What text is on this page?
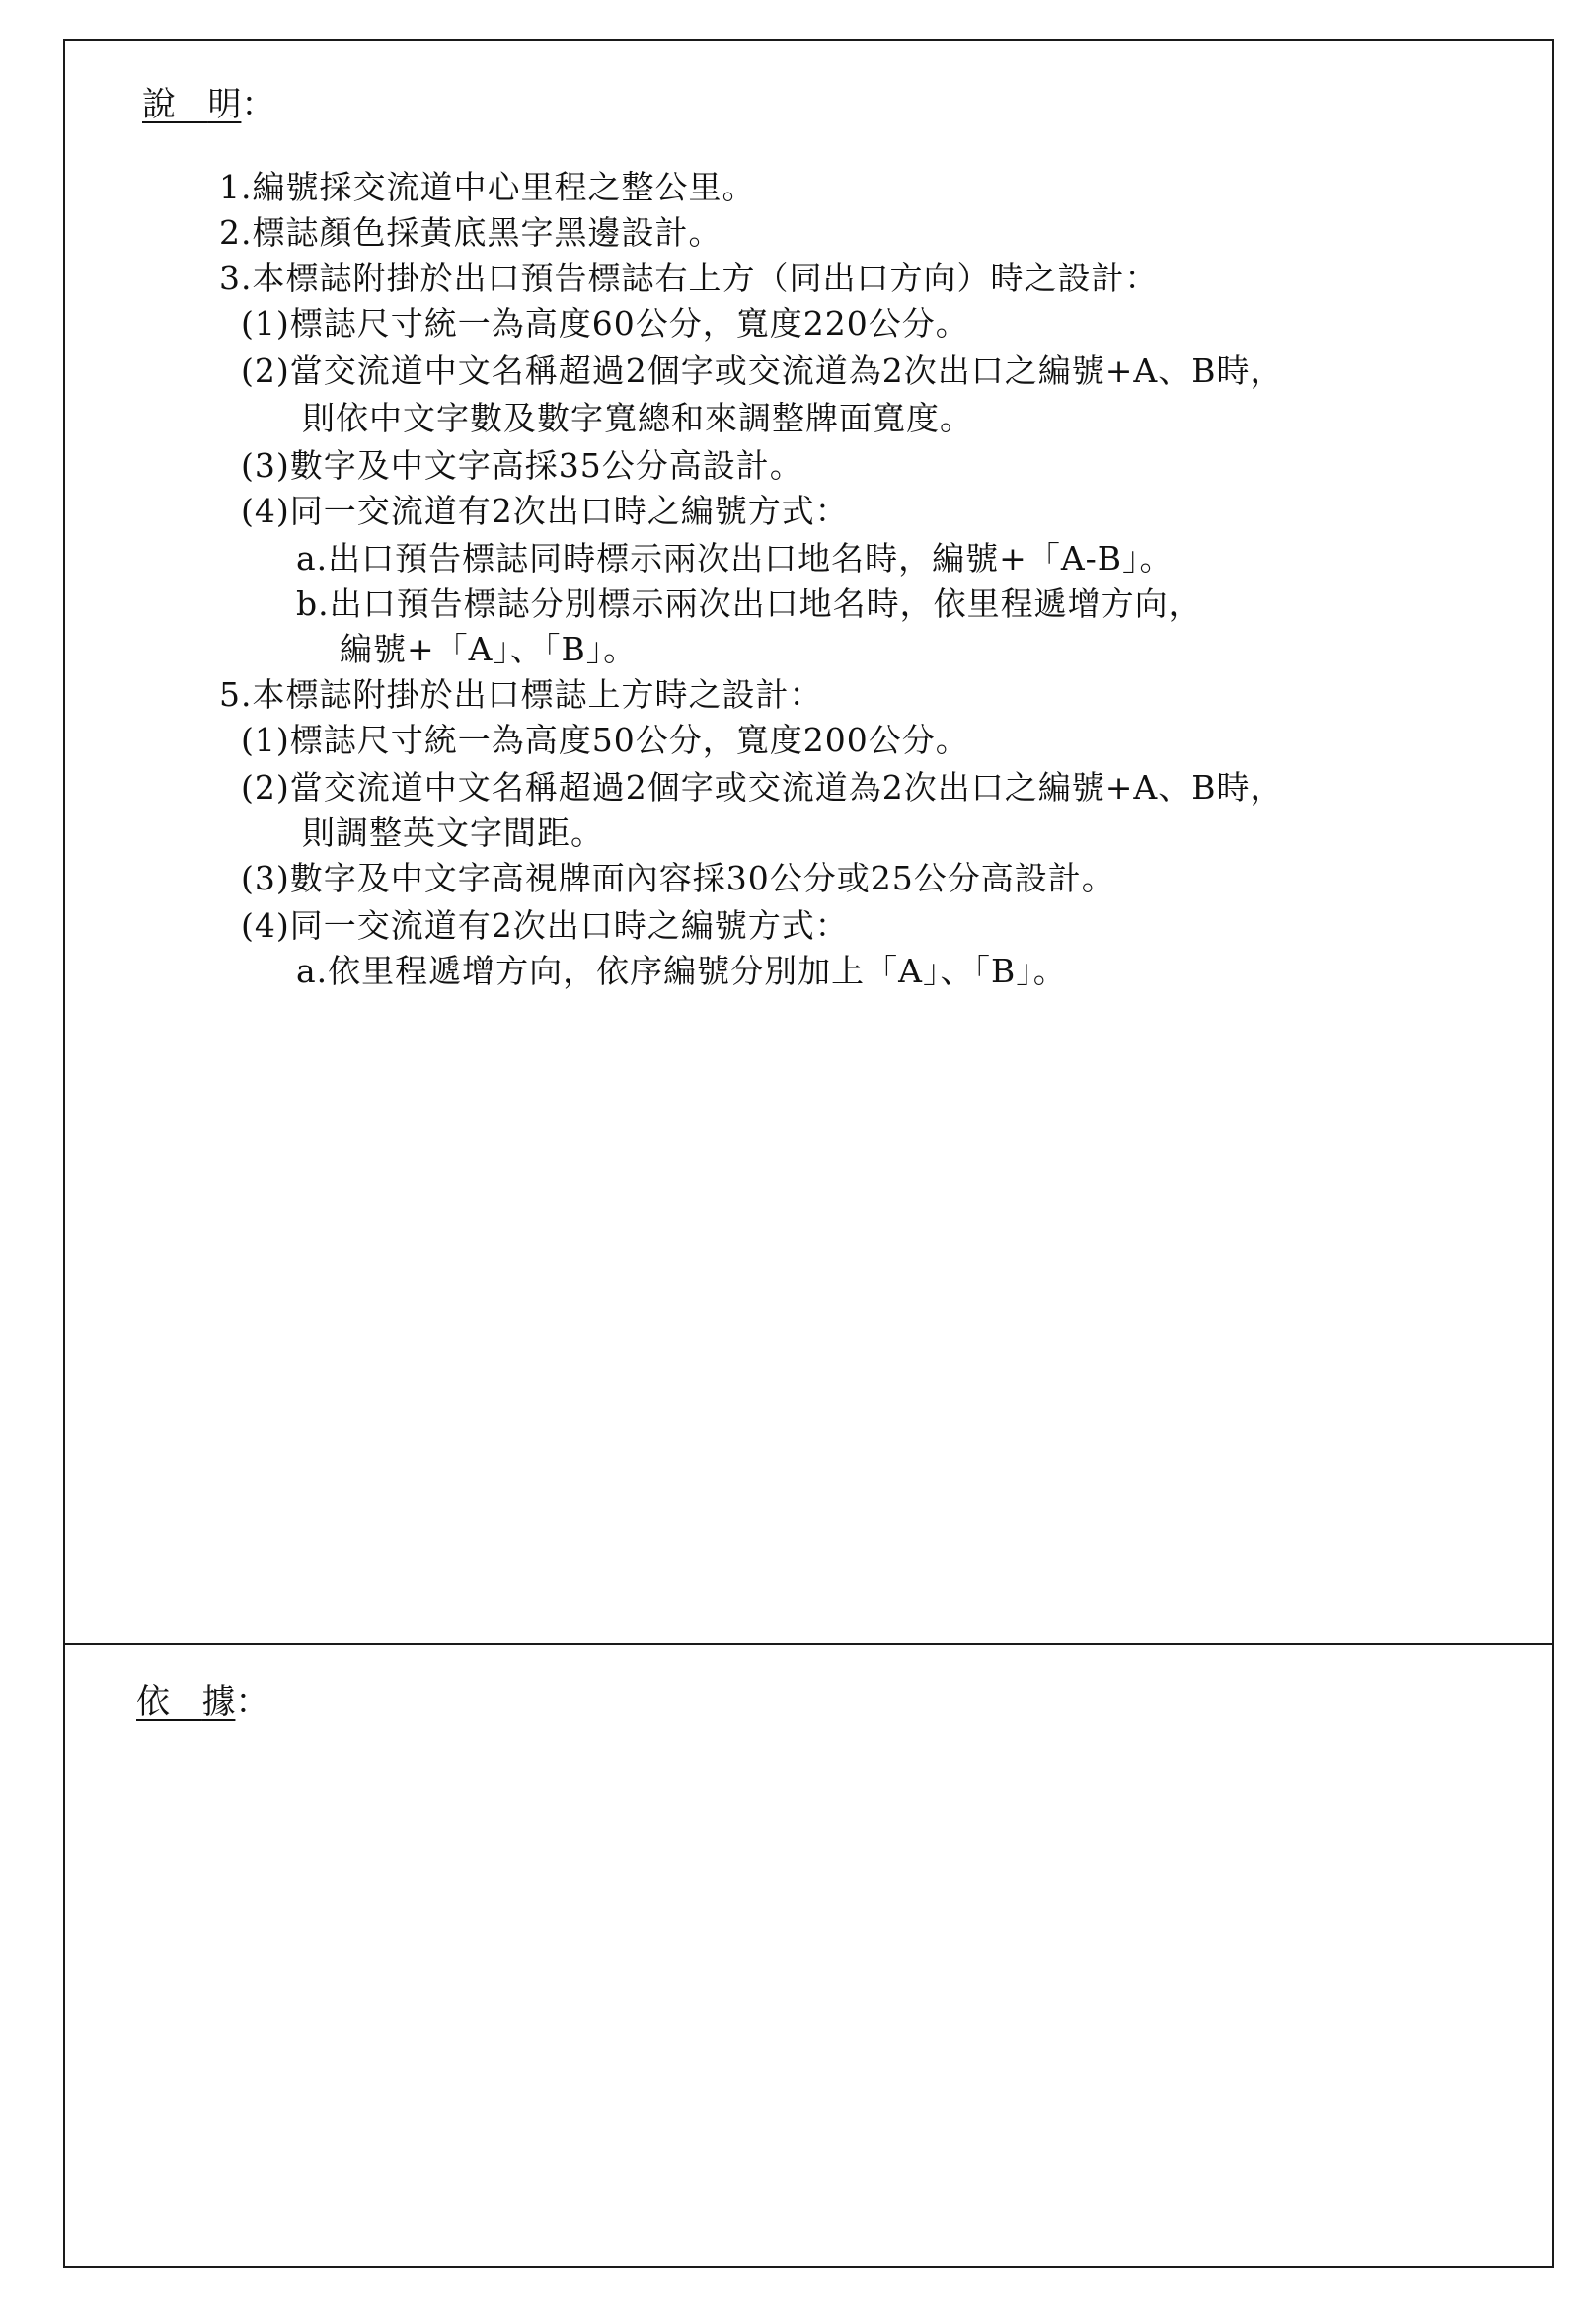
說 明：
1.編號採交流道中心里程之整公里。
2.標誌顏色採黃底黑字黑邊設計。
3.本標誌附掛於出口預告標誌右上方（同出口方向）時之設計：
(1)標誌尺寸統一為高度60公分，寬度220公分。
(2)當交流道中文名稱超過2個字或交流道為2次出口之編號+A、B時，
則依中文字數及數字寬總和來調整牌面寬度。
(3)數字及中文字高採35公分高設計。
(4)同一交流道有2次出口時之編號方式：
a.出口預告標誌同時標示兩次出口地名時，編號+「A-B」。
b.出口預告標誌分別標示兩次出口地名時，依里程遞增方向，
編號+「A」、「B」。
5.本標誌附掛於出口標誌上方時之設計：
(1)標誌尺寸統一為高度50公分，寬度200公分。
(2)當交流道中文名稱超過2個字或交流道為2次出口之編號+A、B時，
則調整英文字間距。
(3)數字及中文字高視牌面內容採30公分或25公分高設計。
(4)同一交流道有2次出口時之編號方式：
a.依里程遞增方向，依序編號分別加上「A」、「B」。
依 據：
